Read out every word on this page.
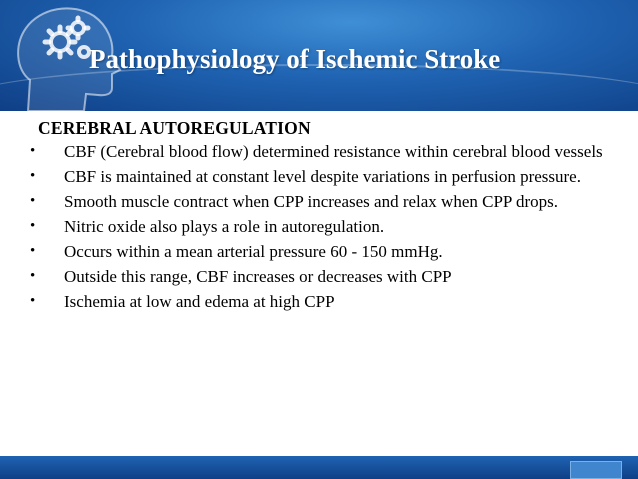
Pathophysiology of Ischemic Stroke
CEREBRAL AUTOREGULATION
• CBF (Cerebral blood flow) determined resistance within cerebral blood vessels
• CBF is maintained at constant level despite variations in perfusion pressure.
• Smooth muscle contract when CPP increases and relax when CPP drops.
• Nitric oxide also plays a role in autoregulation.
• Occurs within a mean arterial pressure 60 - 150 mmHg.
• Outside this range, CBF increases or decreases with CPP
• Ischemia at low and edema at high CPP
